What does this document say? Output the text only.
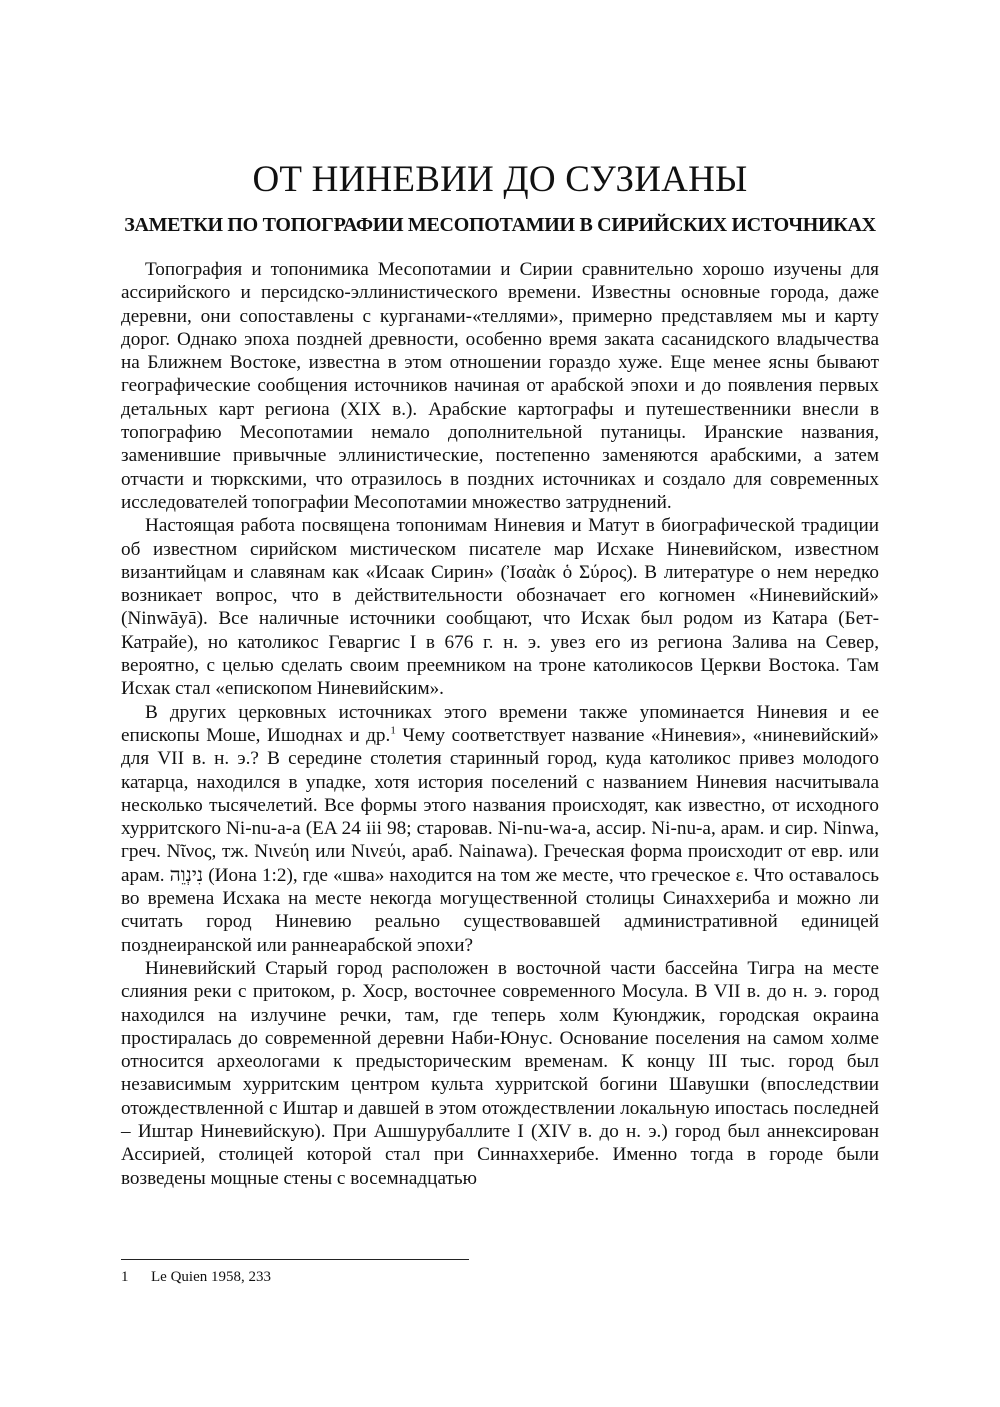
ОТ НИНЕВИИ ДО СУЗИАНЫ
ЗАМЕТКИ ПО ТОПОГРАФИИ МЕСОПОТАМИИ В СИРИЙСКИХ ИСТОЧНИКАХ

Топография и топонимика Месопотамии и Сирии сравнительно хорошо изучены для ассирийского и персидско-эллинистического времени. Известны основные города, даже деревни, они сопоставлены с курганами-«теллями», примерно представляем мы и карту дорог. Однако эпоха поздней древности, особенно время заката сасанидского владычества на Ближнем Востоке, известна в этом отношении гораздо хуже. Еще менее ясны бывают географические сообщения источников начиная от арабской эпохи и до появления первых детальных карт региона (XIX в.). Арабские картографы и путешественники внесли в топографию Месопотамии немало дополнительной путаницы. Иранские названия, заменившие привычные эллинистические, постепенно заменяются арабскими, а затем отчасти и тюркскими, что отразилось в поздних источниках и создало для современных исследователей топографии Месопотамии множество затруднений.

Настоящая работа посвящена топонимам Ниневия и Матут в биографической традиции об известном сирийском мистическом писателе мар Исхаке Ниневийском, известном византийцам и славянам как «Исаак Сирин» (Ἰσαὰκ ὁ Σύρος). В литературе о нем нередко возникает вопрос, что в действительности обозначает его когномен «Ниневийский» (Ninwāyā). Все наличные источники сообщают, что Исхак был родом из Катара (Бет-Катрайе), но католикос Геваргис I в 676 г. н. э. увез его из региона Залива на Север, вероятно, с целью сделать своим преемником на троне католикосов Церкви Востока. Там Исхак стал «епископом Ниневийским».

В других церковных источниках этого времени также упоминается Ниневия и ее епископы Моше, Ишоднах и др.$^1$ Чему соответствует название «Ниневия», «ниневийский» для VII в. н. э.? В середине столетия старинный город, куда католикос привез молодого катарца, находился в упадке, хотя история поселений с названием Ниневия насчитывала несколько тысячелетий. Все формы этого названия происходят, как известно, от исходного хурритского Ni-nu-a-a (EA 24 iii 98; старовав. Ni-nu-wa-a, ассир. Ni-nu-a, арам. и сир. Ninwa, греч. Νῖνος, тж. Νινεύη или Νινεύι, араб. Nainawa). Греческая форма происходит от евр. или арам. נִינְוֵה (Иона 1:2), где «шва» находится на том же месте, что греческое ε. Что оставалось во времена Исхака на месте некогда могущественной столицы Синаххериба и можно ли считать город Ниневию реально существовавшей административной единицей позднеиранской или раннеарабской эпохи?

Ниневийский Старый город расположен в восточной части бассейна Тигра на месте слияния реки с притоком, р. Хоср, восточнее современного Мосула. В VII в. до н. э. город находился на излучине речки, там, где теперь холм Куюнджик, городская окраина простиралась до современной деревни Наби-Юнус. Основание поселения на самом холме относится археологами к предысторическим временам. К концу III тыс. город был независимым хурритским центром культа хурритской богини Шавушки (впоследствии отождествленной с Иштар и давшей в этом отождествлении локальную ипостась последней – Иштар Ниневийскую). При Ашшурубаллите I (XIV в. до н. э.) город был аннексирован Ассирией, столицей которой стал при Синнаххерибе. Именно тогда в городе были возведены мощные стены с восемнадцатью

1 Le Quien 1958, 233
